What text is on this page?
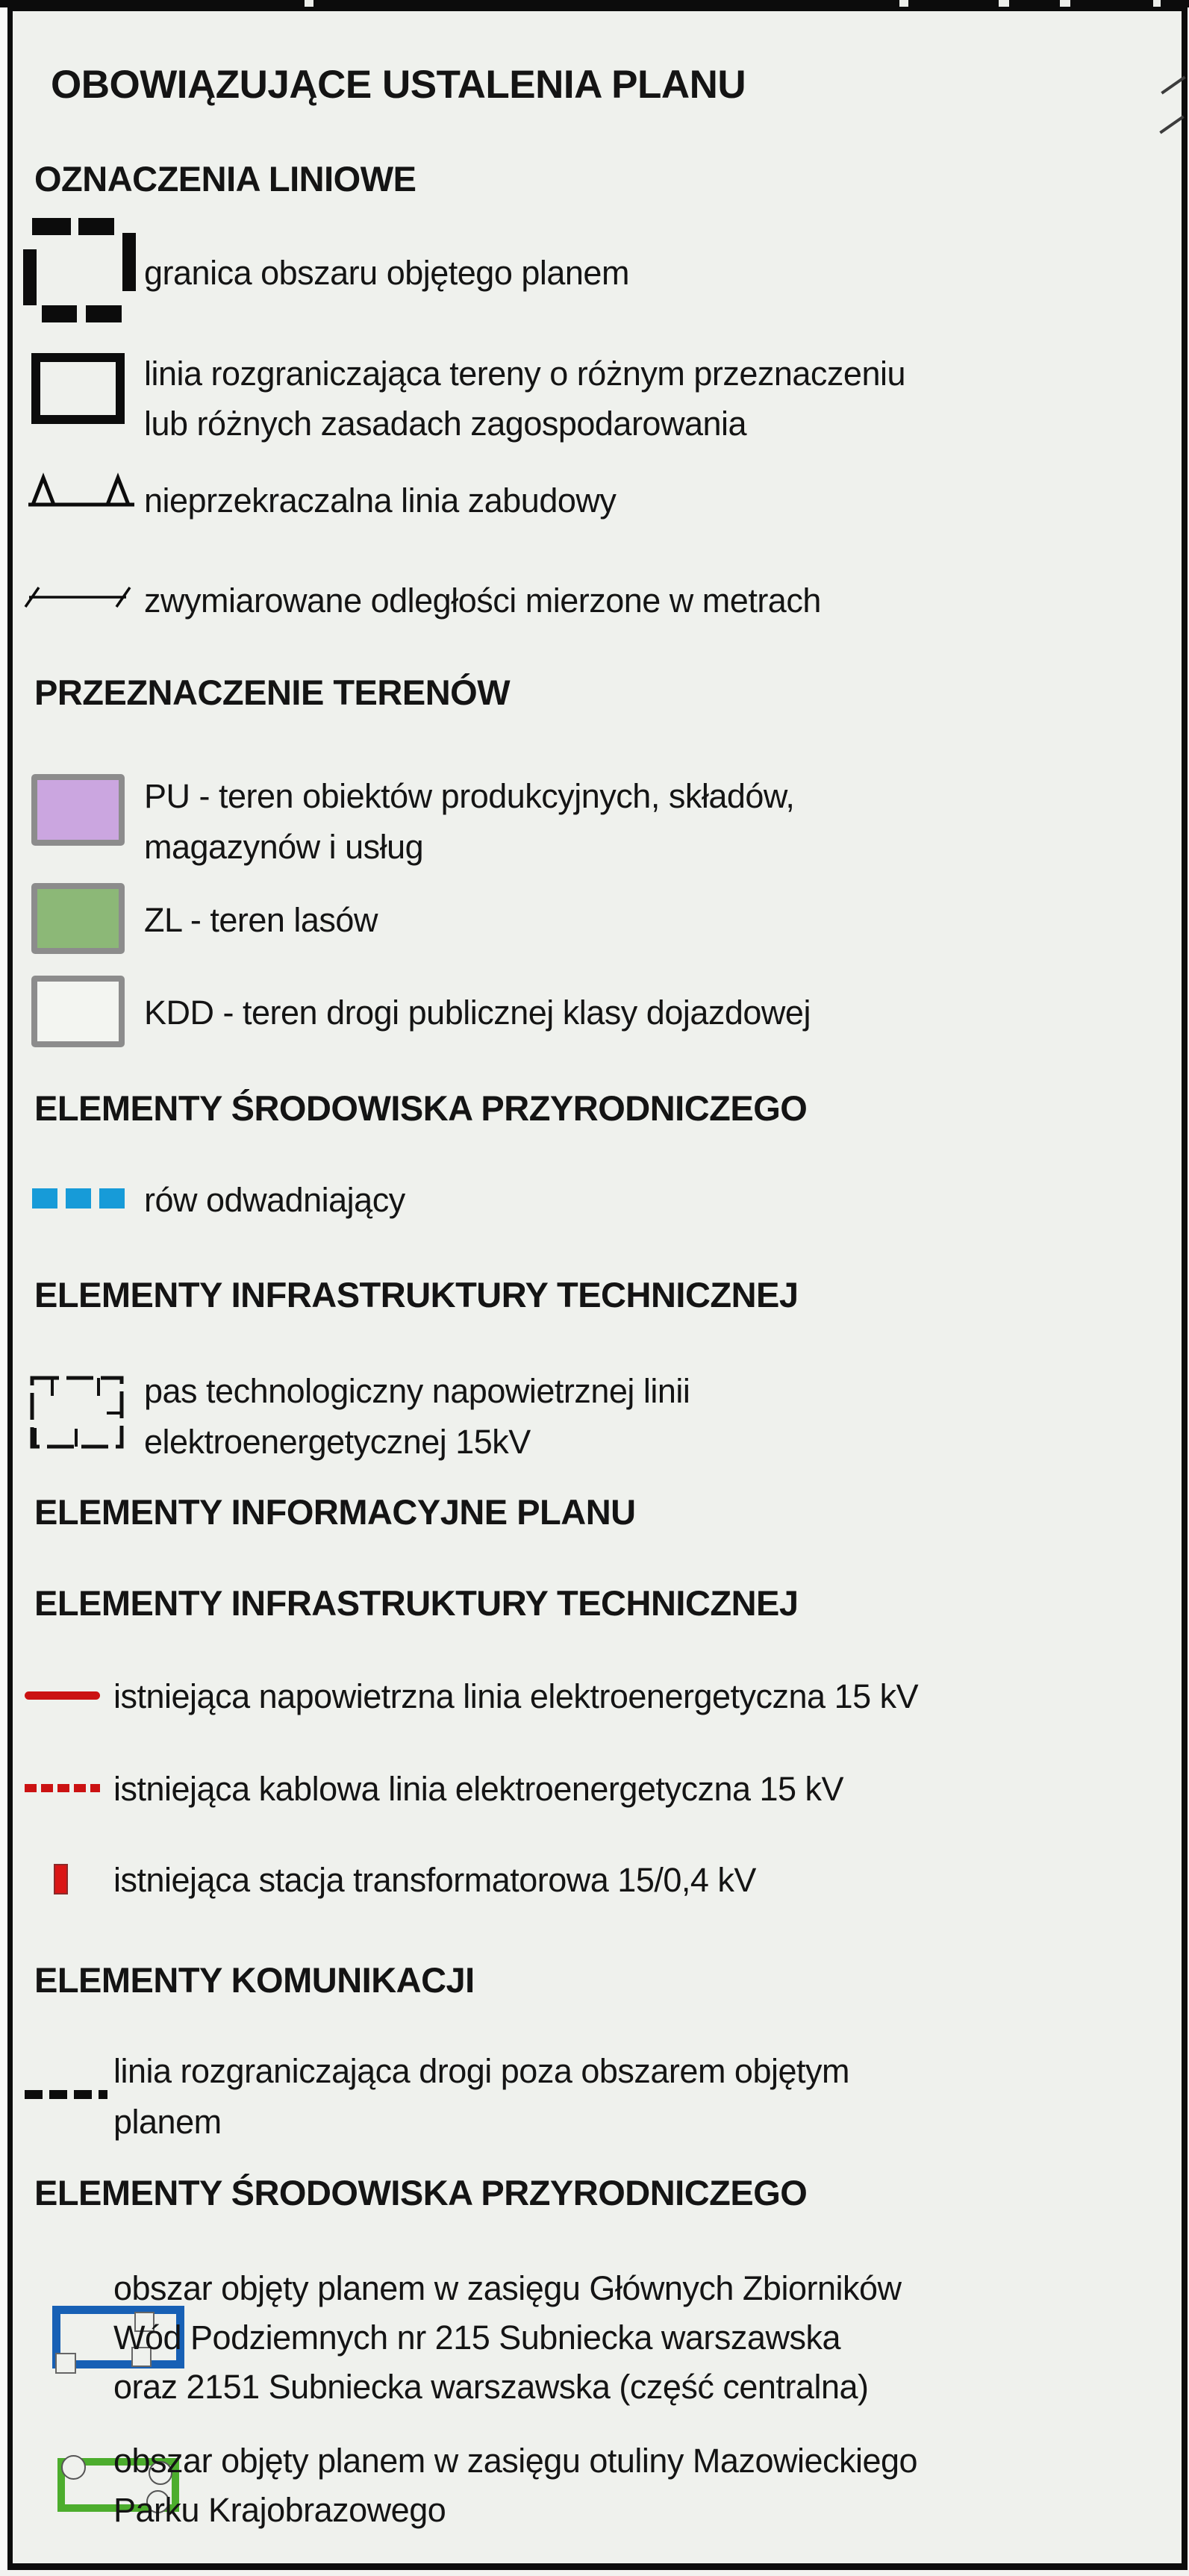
OBOWIĄZUJĄCE USTALENIA PLANU
OZNACZENIA LINIOWE
granica obszaru objętego planem
linia rozgraniczająca tereny o różnym przeznaczeniu
lub różnych zasadach zagospodarowania
nieprzekraczalna linia zabudowy
zwymiarowane odległości mierzone w metrach
PRZEZNACZENIE TERENÓW
PU - teren obiektów produkcyjnych, składów,
magazynów i usług
ZL - teren lasów
KDD - teren drogi publicznej klasy dojazdowej
ELEMENTY ŚRODOWISKA PRZYRODNICZEGO
rów odwadniający
ELEMENTY INFRASTRUKTURY TECHNICZNEJ
pas technologiczny napowietrznej linii
elektroenergetycznej 15kV
ELEMENTY INFORMACYJNE PLANU
ELEMENTY INFRASTRUKTURY TECHNICZNEJ
istniejąca napowietrzna linia elektroenergetyczna 15 kV
istniejąca kablowa linia elektroenergetyczna 15 kV
istniejąca stacja transformatorowa 15/0,4 kV
ELEMENTY KOMUNIKACJI
linia rozgraniczająca drogi poza obszarem objętym
planem
ELEMENTY ŚRODOWISKA PRZYRODNICZEGO
obszar objęty planem w zasięgu Głównych Zbiorników
Wód Podziemnych nr 215 Subniecka warszawska
oraz 2151 Subniecka warszawska (część centralna)
obszar objęty planem w zasięgu otuliny Mazowieckiego
Parku Krajobrazowego
